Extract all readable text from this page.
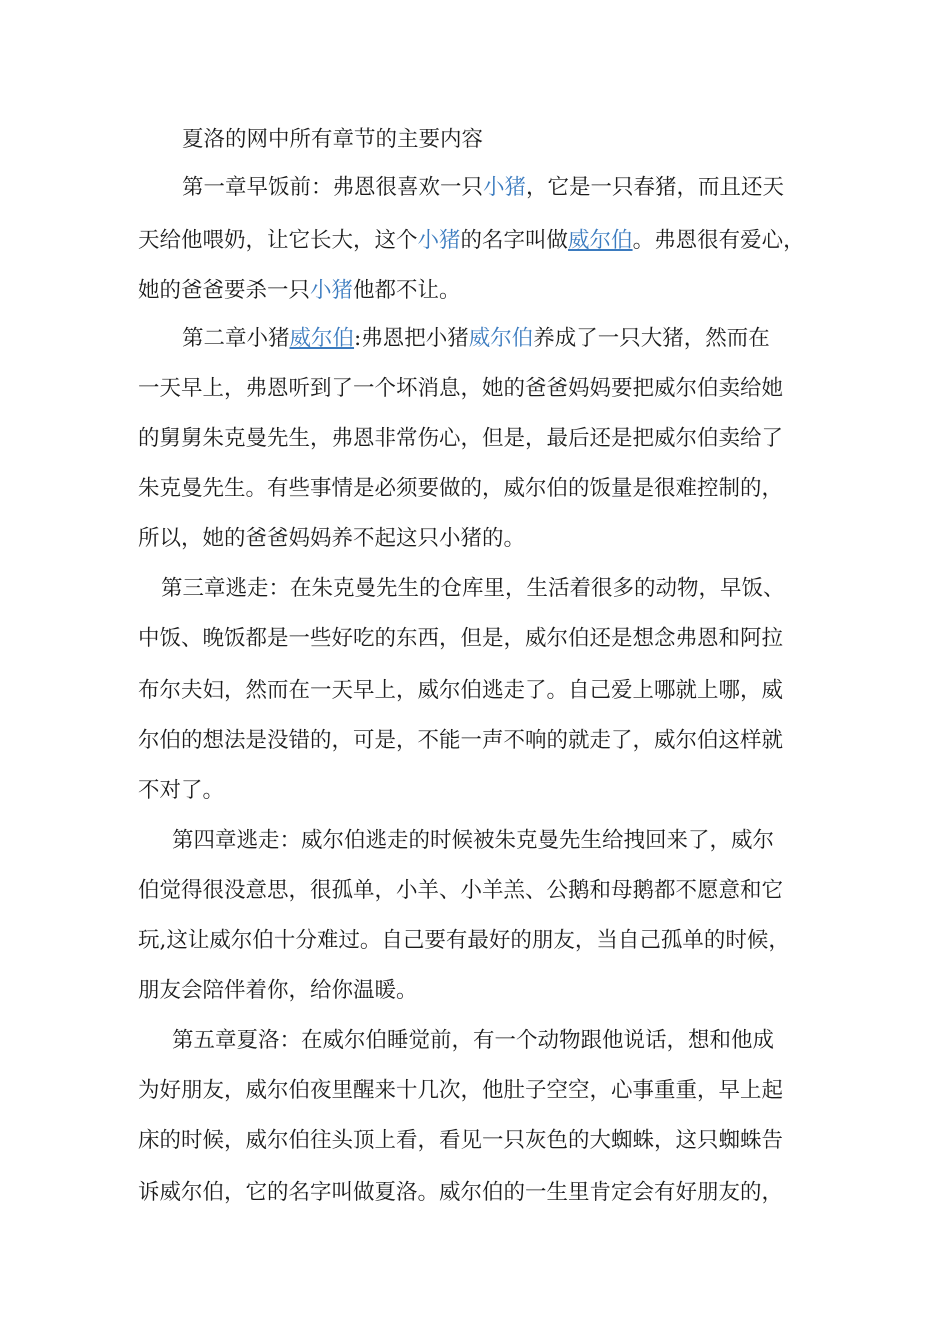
夏洛的网中所有章节的主要内容
第一章早饭前：弗恩很喜欢一只小猪，它是一只春猪，而且还天
天给他喂奶，让它长大，这个小猪的名字叫做威尔伯。弗恩很有爱心，
她的爸爸要杀一只小猪他都不让。
第二章小猪威尔伯:弗恩把小猪威尔伯养成了一只大猪，然而在
一天早上，弗恩听到了一个坏消息，她的爸爸妈妈要把威尔伯卖给她
的舅舅朱克曼先生，弗恩非常伤心，但是，最后还是把威尔伯卖给了
朱克曼先生。有些事情是必须要做的，威尔伯的饭量是很难控制的，
所以，她的爸爸妈妈养不起这只小猪的。
第三章逃走：在朱克曼先生的仓库里，生活着很多的动物，早饭、
中饭、晚饭都是一些好吃的东西，但是，威尔伯还是想念弗恩和阿拉
布尔夫妇，然而在一天早上，威尔伯逃走了。自己爱上哪就上哪，威
尔伯的想法是没错的，可是，不能一声不响的就走了，威尔伯这样就
不对了。
第四章逃走：威尔伯逃走的时候被朱克曼先生给拽回来了，威尔
伯觉得很没意思，很孤单，小羊、小羊羔、公鹅和母鹅都不愿意和它
玩,这让威尔伯十分难过。自己要有最好的朋友，当自己孤单的时候，
朋友会陪伴着你，给你温暖。
第五章夏洛：在威尔伯睡觉前，有一个动物跟他说话，想和他成
为好朋友，威尔伯夜里醒来十几次，他肚子空空，心事重重，早上起
床的时候，威尔伯往头顶上看，看见一只灰色的大蜘蛛，这只蜘蛛告
诉威尔伯，它的名字叫做夏洛。威尔伯的一生里肯定会有好朋友的，
